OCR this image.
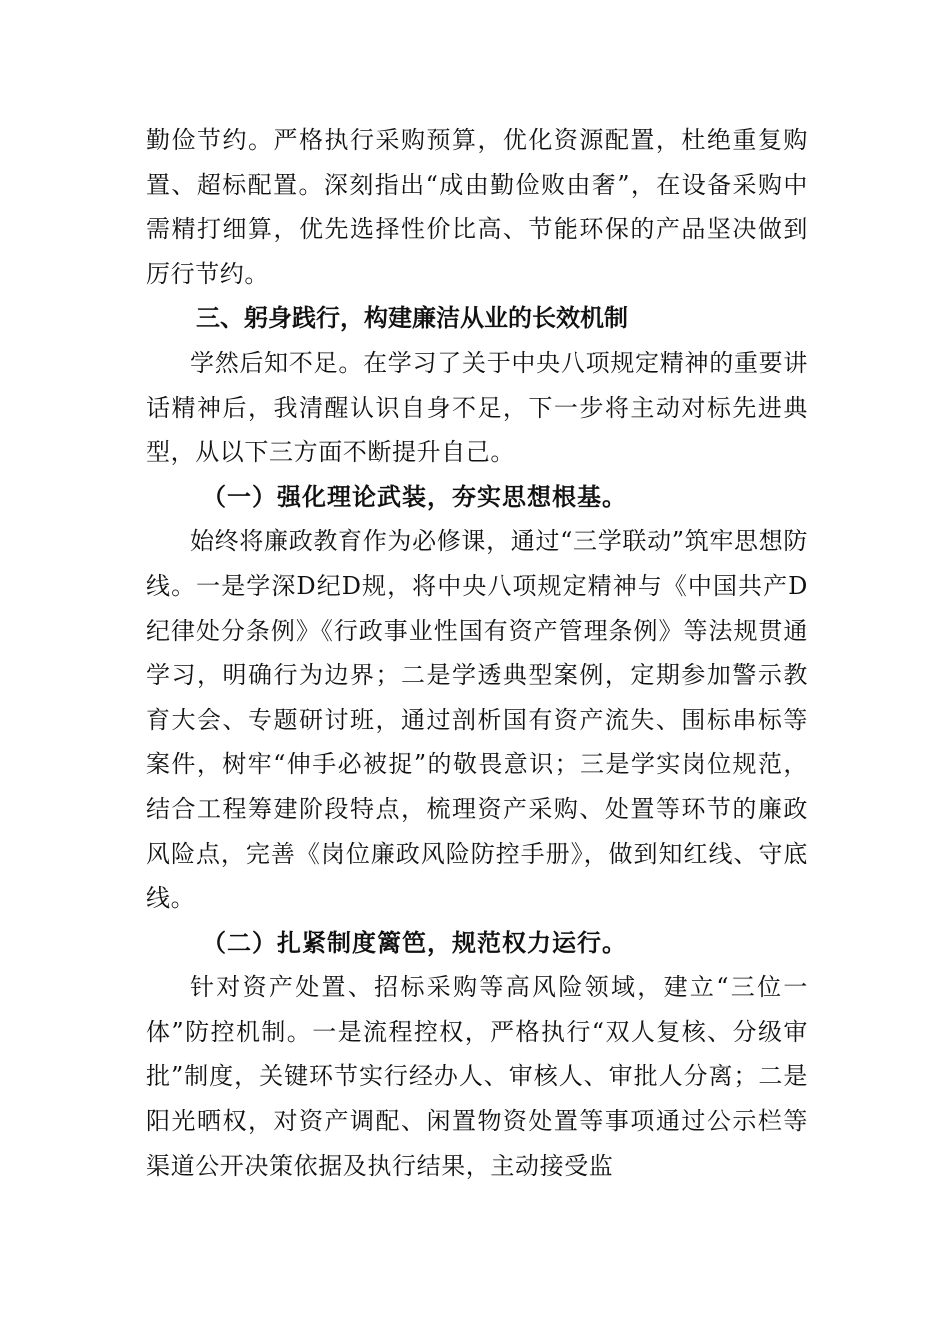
勤俭节约。严格执行采购预算，优化资源配置，杜绝重复购置、超标配置。深刻指出“成由勤俭败由奢”，在设备采购中需精打细算，优先选择性价比高、节能环保的产品坚决做到厉行节约。

三、躬身践行，构建廉洁从业的长效机制

学然后知不足。在学习了关于中央八项规定精神的重要讲话精神后，我清醒认识自身不足，下一步将主动对标先进典型，从以下三方面不断提升自己。

（一）强化理论武装，夯实思想根基。

始终将廉政教育作为必修课，通过“三学联动”筑牢思想防线。一是学深D纪D规，将中央八项规定精神与《中国共产D纪律处分条例》《行政事业性国有资产管理条例》等法规贯通学习，明确行为边界；二是学透典型案例，定期参加警示教育大会、专题研讨班，通过剖析国有资产流失、围标串标等案件，树牢“伸手必被捉”的敬畏意识；三是学实岗位规范，结合工程筹建阶段特点，梳理资产采购、处置等环节的廉政风险点，完善《岗位廉政风险防控手册》，做到知红线、守底线。

（二）扎紧制度篱笆，规范权力运行。

针对资产处置、招标采购等高风险领域，建立“三位一体”防控机制。一是流程控权，严格执行“双人复核、分级审批”制度，关键环节实行经办人、审核人、审批人分离；二是阳光晒权，对资产调配、闲置物资处置等事项通过公示栏等渠道公开决策依据及执行结果，主动接受监
